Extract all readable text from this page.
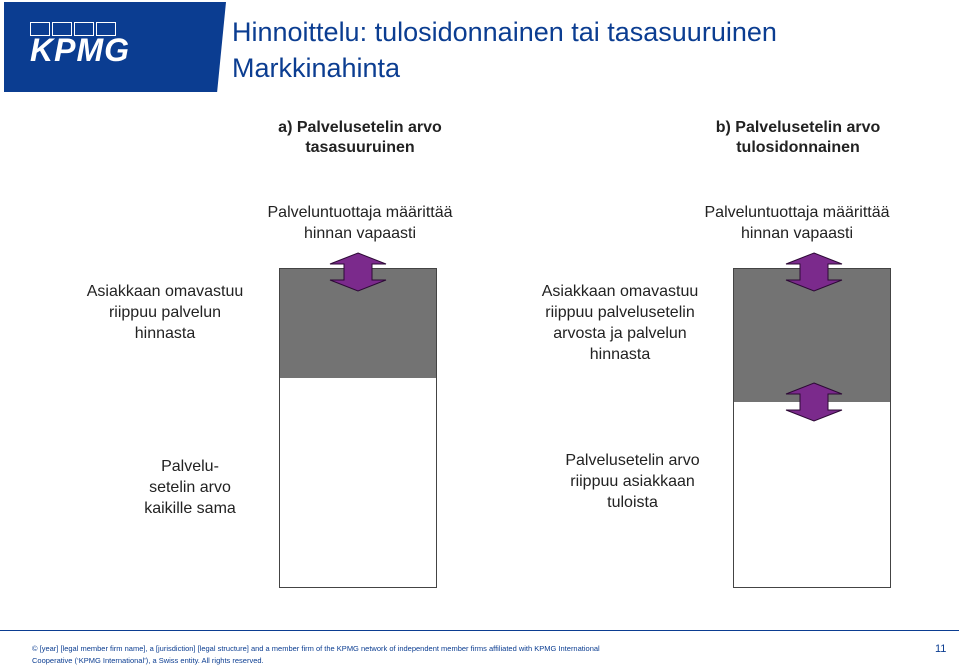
KPMG	Hinnoittelu: tulosidonnainen tai tasasuuruinen
Markkinahinta
a) Palvelusetelin arvo
tasasuuruinen
b) Palvelusetelin arvo
tulosidonnainen
Palveluntuottaja määrittää
hinnan vapaasti
Palveluntuottaja määrittää
hinnan vapaasti
Asiakkaan omavastuu
riippuu palvelun
hinnasta
Asiakkaan omavastuu
riippuu palvelusetelin
arvosta ja palvelun
hinnasta
Palvelu-
setelin arvo
kaikille sama
Palvelusetelin arvo
riippuu asiakkaan
tuloista
© [year] [legal member firm name], a [jurisdiction] [legal structure] and a member firm of the KPMG network of independent member firms affiliated with KPMG International
Cooperative (‘KPMG International’), a Swiss entity. All rights reserved.
11
